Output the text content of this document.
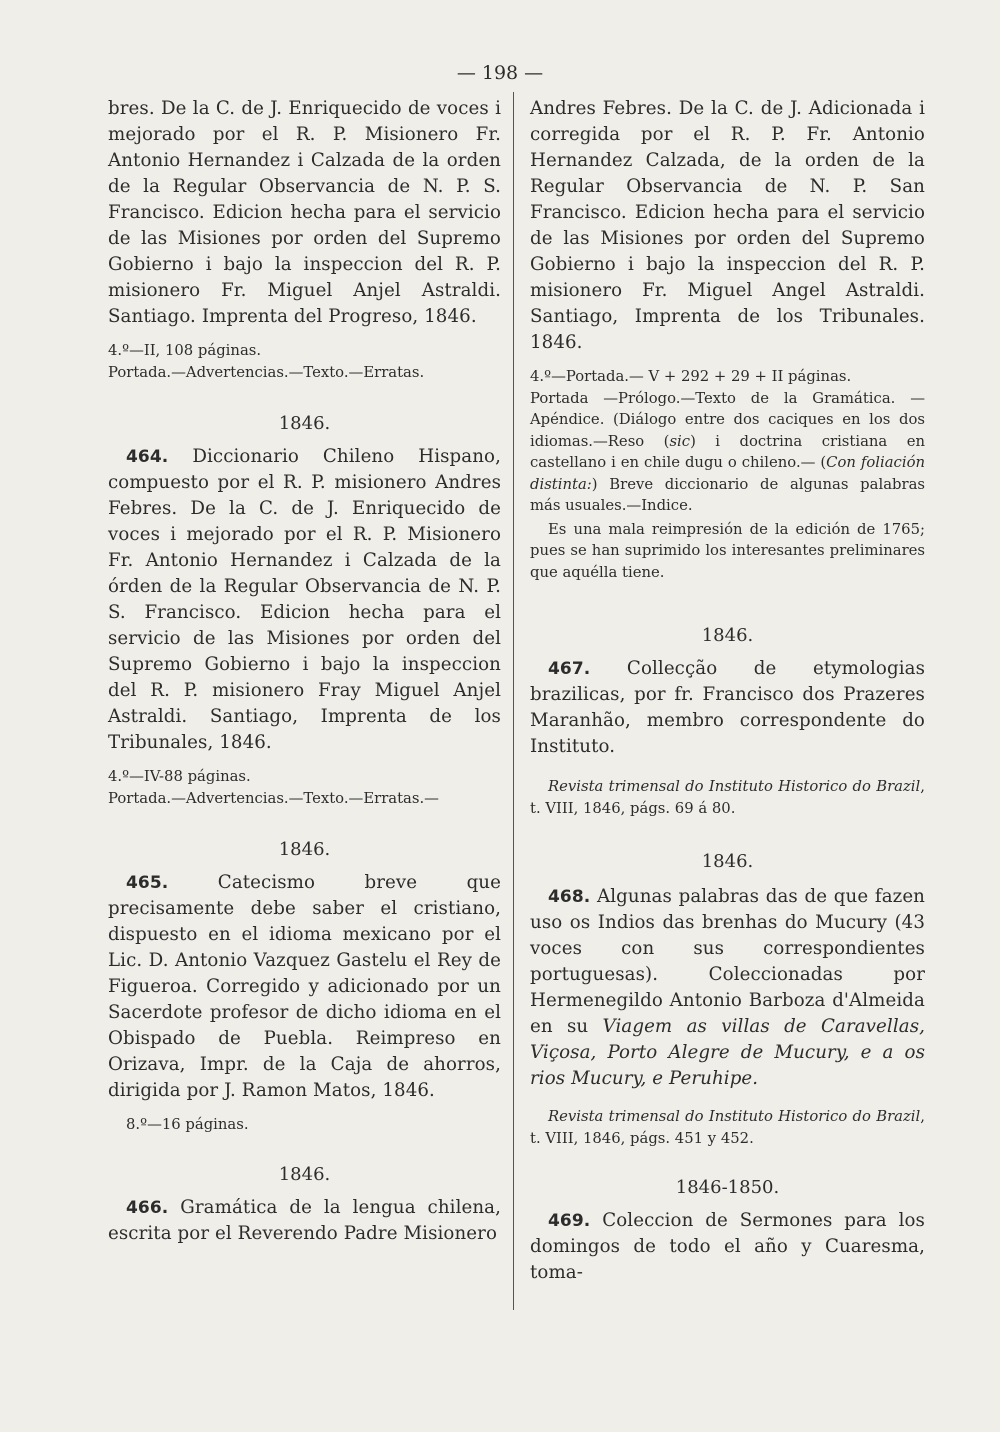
— 198 —

bres. De la C. de J. Enriquecido de voces i mejorado por el R. P. Misionero Fr. Antonio Hernandez i Calzada de la orden de la Regular Observancia de N. P. S. Francisco. Edicion hecha para el servicio de las Misiones por orden del Supremo Gobierno i bajo la inspeccion del R. P. misionero Fr. Miguel Anjel Astraldi. Santiago. Imprenta del Progreso, 1846.

4.º—II, 108 páginas.

Portada.—Advertencias.—Texto.—Erratas.

1846.

464. Diccionario Chileno Hispano, compuesto por el R. P. misionero Andres Febres. De la C. de J. Enriquecido de voces i mejorado por el R. P. Misionero Fr. Antonio Hernandez i Calzada de la órden de la Regular Observancia de N. P. S. Francisco. Edicion hecha para el servicio de las Misiones por orden del Supremo Gobierno i bajo la inspeccion del R. P. misionero Fray Miguel Anjel Astraldi. Santiago, Imprenta de los Tribunales, 1846.

4.º—IV-88 páginas.

Portada.—Advertencias.—Texto.—Erratas.—

1846.

465.	Catecismo breve que precisamente debe saber el cristiano, dispuesto en el idioma mexicano por el Lic. D. Antonio Vazquez Gastelu el Rey de Figueroa. Corregido y adicionado por un Sacerdote profesor de dicho idioma en el Obispado de Puebla. Reimpreso en Orizava, Impr. de la Caja de ahorros, dirigida por J. Ramon Matos, 1846.

8.º—16 páginas.

1846.

466. Gramática de la lengua chilena, escrita por el Reverendo Padre Misionero

Andres Febres. De la C. de J. Adicionada i corregida por el R. P. Fr. Antonio Hernandez Calzada, de la orden de la Regular Observancia de N. P. San Francisco. Edicion hecha para el servicio de las Misiones por orden del Supremo Gobierno i bajo la inspeccion del R. P. misionero Fr. Miguel Angel Astraldi. Santiago, Imprenta de los Tribunales. 1846.

4.º—Portada.— V + 292 + 29 + II páginas.

Portada —Prólogo.—Texto de la Gramática. —Apéndice. (Diálogo entre dos caciques en los dos idiomas.—Reso (sic) i doctrina cristiana en castellano i en chile dugu o chileno.— (Con foliación distinta:) Breve diccionario de algunas palabras más usuales.—Indice.

Es una mala reimpresión de la edición de 1765; pues se han suprimido los interesantes preliminares que aquélla tiene.

1846.

467. Collecção de etymologias brazilicas, por fr. Francisco dos Prazeres Maranhão, membro correspondente do Instituto.

Revista trimensal do Instituto Historico do Brazil, t. VIII, 1846, págs. 69 á 80.

1846.

468. Algunas palabras das de que fazen uso os Indios das brenhas do Mucury (43 voces con sus correspondientes portuguesas). Coleccionadas por Hermenegildo Antonio Barboza d'Almeida en su Viagem as villas de Caravellas, Viçosa, Porto Alegre de Mucury, e a os rios Mucury, e Peruhipe.

Revista trimensal do Instituto Historico do Brazil, t. VIII, 1846, págs. 451 y 452.

1846-1850.

469. Coleccion de Sermones para los domingos de todo el año y Cuaresma, toma-
